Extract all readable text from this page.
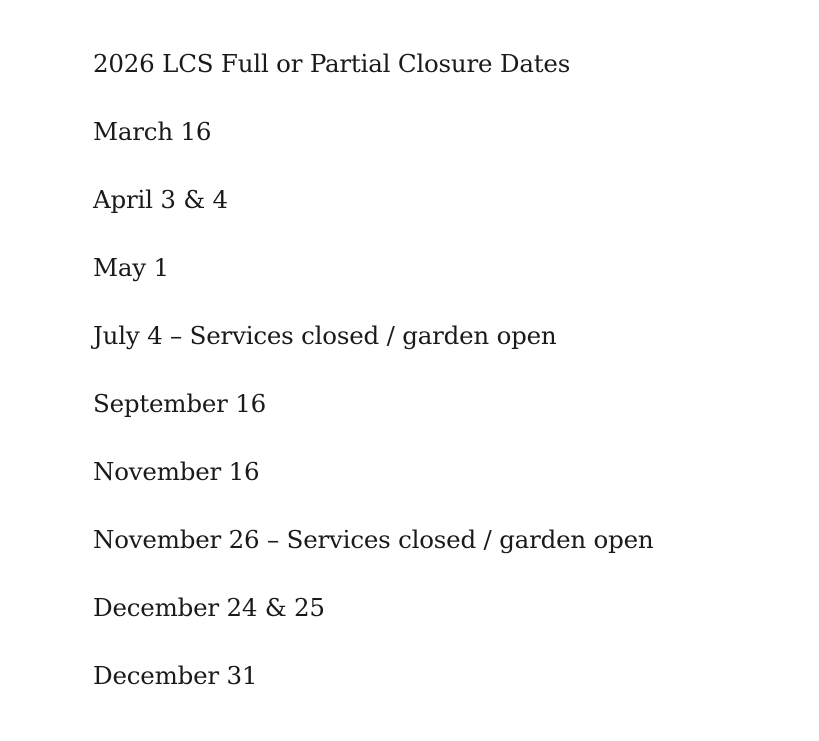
2026 LCS Full or Partial Closure Dates
March 16
April 3 & 4
May 1
July 4 – Services closed / garden open
September 16
November 16
November 26 – Services closed / garden open
December 24 & 25
December 31
